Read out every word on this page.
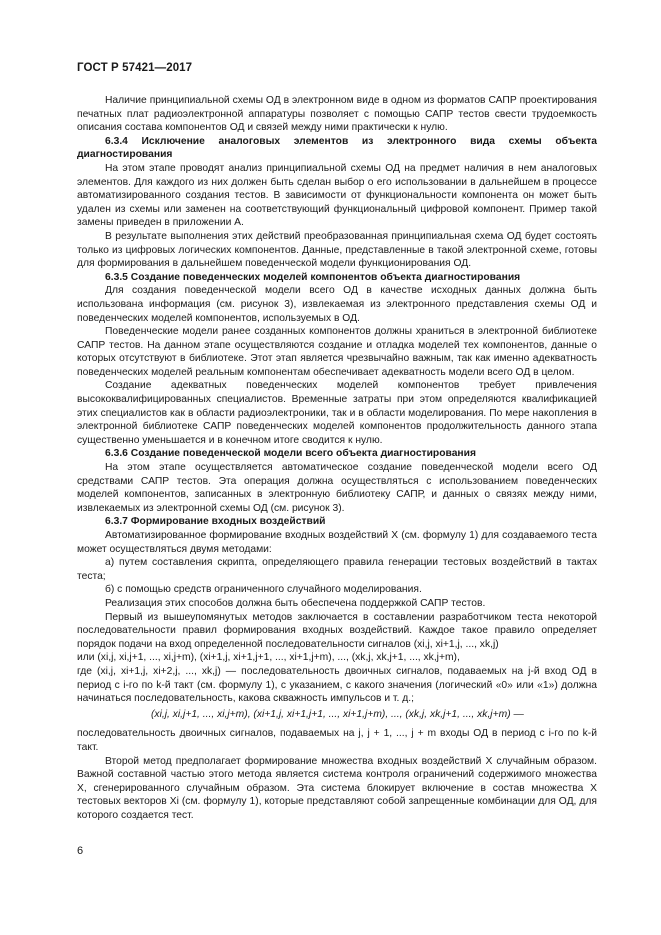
ГОСТ Р 57421—2017

Наличие принципиальной схемы ОД в электронном виде в одном из форматов САПР проектирования печатных плат радиоэлектронной аппаратуры позволяет с помощью САПР тестов свести трудоемкость описания состава компонентов ОД и связей между ними практически к нулю.

6.3.4 Исключение аналоговых элементов из электронного вида схемы объекта диагностирования

На этом этапе проводят анализ принципиальной схемы ОД на предмет наличия в нем аналоговых элементов. Для каждого из них должен быть сделан выбор о его использовании в дальнейшем в процессе автоматизированного создания тестов. В зависимости от функциональности компонента он может быть удален из схемы или заменен на соответствующий функциональный цифровой компонент. Пример такой замены приведен в приложении А.

В результате выполнения этих действий преобразованная принципиальная схема ОД будет состоять только из цифровых логических компонентов. Данные, представленные в такой электронной схеме, готовы для формирования в дальнейшем поведенческой модели функционирования ОД.

6.3.5 Создание поведенческих моделей компонентов объекта диагностирования

Для создания поведенческой модели всего ОД в качестве исходных данных должна быть использована информация (см. рисунок 3), извлекаемая из электронного представления схемы ОД и поведенческих моделей компонентов, используемых в ОД.

Поведенческие модели ранее созданных компонентов должны храниться в электронной библиотеке САПР тестов. На данном этапе осуществляются создание и отладка моделей тех компонентов, данные о которых отсутствуют в библиотеке. Этот этап является чрезвычайно важным, так как именно адекватность поведенческих моделей реальным компонентам обеспечивает адекватность модели всего ОД в целом.

Создание адекватных поведенческих моделей компонентов требует привлечения высококвалифицированных специалистов. Временные затраты при этом определяются квалификацией этих специалистов как в области радиоэлектроники, так и в области моделирования. По мере накопления в электронной библиотеке САПР поведенческих моделей компонентов продолжительность данного этапа существенно уменьшается и в конечном итоге сводится к нулю.

6.3.6 Создание поведенческой модели всего объекта диагностирования

На этом этапе осуществляется автоматическое создание поведенческой модели всего ОД средствами САПР тестов. Эта операция должна осуществляться с использованием поведенческих моделей компонентов, записанных в электронную библиотеку САПР, и данных о связях между ними, извлекаемых из электронной схемы ОД (см. рисунок 3).

6.3.7 Формирование входных воздействий

Автоматизированное формирование входных воздействий X (см. формулу 1) для создаваемого теста может осуществляться двумя методами:

а) путем составления скрипта, определяющего правила генерации тестовых воздействий в тактах теста;

б) с помощью средств ограниченного случайного моделирования.

Реализация этих способов должна быть обеспечена поддержкой САПР тестов.

Первый из вышеупомянутых методов заключается в составлении разработчиком теста некоторой последовательности правил формирования входных воздействий. Каждое такое правило определяет порядок подачи на вход определенной последовательности сигналов (xi,j, xi+1,j, ..., xk,j)

или (xi,j, xi,j+1, ..., xi,j+m), (xi+1,j, xi+1,j+1, ..., xi+1,j+m), ..., (xk,j, xk,j+1, ..., xk,j+m),

где (xi,j, xi+1,j, xi+2,j, ..., xk,j) — последовательность двоичных сигналов, подаваемых на j-й вход ОД в период с i-го по k-й такт (см. формулу 1), с указанием, с какого значения (логический «0» или «1») должна начинаться последовательность, какова скважность импульсов и т. д.;

(xi,j, xi,j+1, ..., xi,j+m), (xi+1,j, xi+1,j+1, ..., xi+1,j+m), ..., (xk,j, xk,j+1, ..., xk,j+m) —

последовательность двоичных сигналов, подаваемых на j, j + 1, ..., j + m входы ОД в период с i-го по k-й такт.

Второй метод предполагает формирование множества входных воздействий X случайным образом. Важной составной частью этого метода является система контроля ограничений содержимого множества X, сгенерированного случайным образом. Эта система блокирует включение в состав множества X тестовых векторов Xi (см. формулу 1), которые представляют собой запрещенные комбинации для ОД, для которого создается тест.

6
